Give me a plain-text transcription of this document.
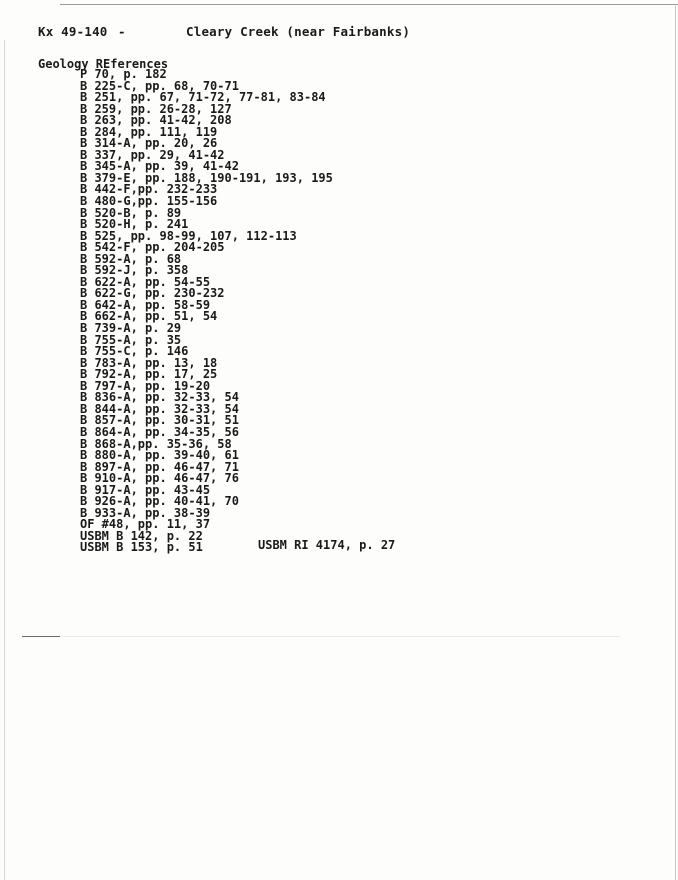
Kx 49-140 -	Cleary Creek (near Fairbanks)
Geology REferences
P 70, p. 182
B 225-C, pp. 68, 70-71
B 251, pp. 67, 71-72, 77-81, 83-84
B 259, pp. 26-28, 127
B 263, pp. 41-42, 208
B 284, pp. 111, 119
B 314-A, pp. 20, 26
B 337, pp. 29, 41-42
B 345-A, pp. 39, 41-42
B 379-E, pp. 188, 190-191, 193, 195
B 442-F,pp. 232-233
B 480-G,pp. 155-156
B 520-B, p. 89
B 520-H, p. 241
B 525, pp. 98-99, 107, 112-113
B 542-F, pp. 204-205
B 592-A, p. 68
B 592-J, p. 358
B 622-A, pp. 54-55
B 622-G, pp. 230-232
B 642-A, pp. 58-59
B 662-A, pp. 51, 54
B 739-A, p. 29
B 755-A, p. 35
B 755-C, p. 146
B 783-A, pp. 13, 18
B 792-A, pp. 17, 25
B 797-A, pp. 19-20
B 836-A, pp. 32-33, 54
B 844-A, pp. 32-33, 54
B 857-A, pp. 30-31, 51
B 864-A, pp. 34-35, 56
B 868-A,pp. 35-36, 58
B 880-A, pp. 39-40, 61
B 897-A, pp. 46-47, 71
B 910-A, pp. 46-47, 76
B 917-A, pp. 43-45
B 926-A, pp. 40-41, 70
B 933-A, pp. 38-39
OF #48, pp. 11, 37
USBM B 142, p. 22
USBM B 153, p. 51	USBM RI 4174, p. 27
